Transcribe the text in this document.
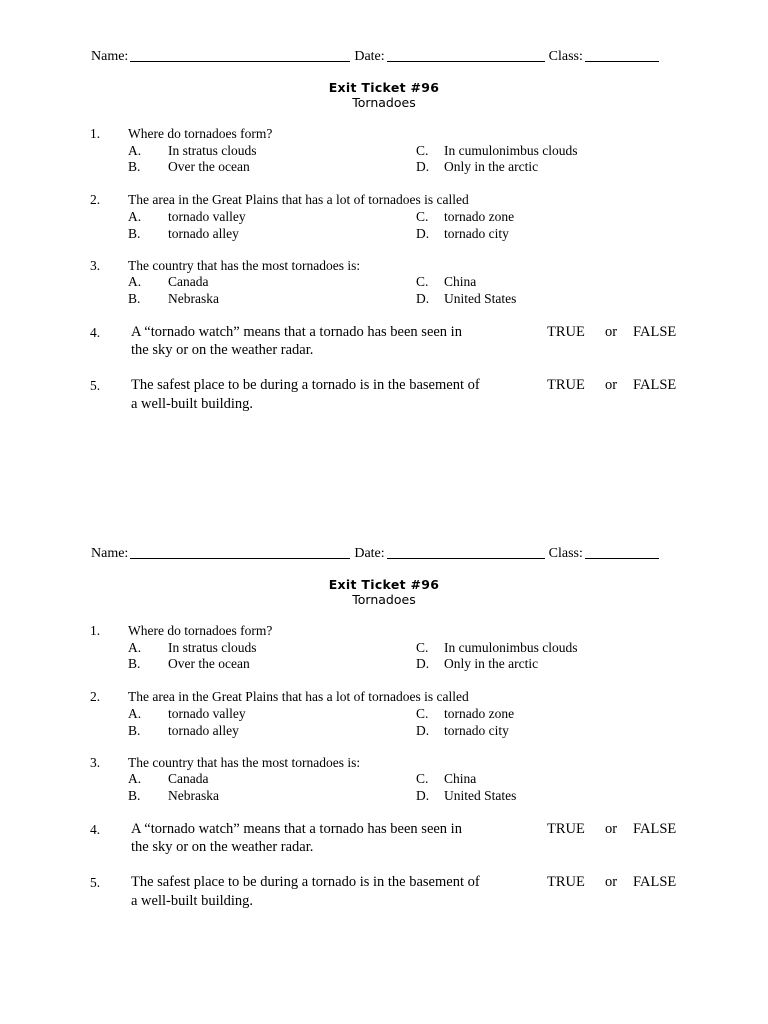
Name:	Date:	Class:
Exit Ticket #96
Tornadoes
1. Where do tornadoes form?
A. In stratus clouds
B. Over the ocean
C. In cumulonimbus clouds
D. Only in the arctic
2. The area in the Great Plains that has a lot of tornadoes is called
A. tornado valley
B. tornado alley
C. tornado zone
D. tornado city
3. The country that has the most tornadoes is:
A. Canada
B. Nebraska
C. China
D. United States
4. A “tornado watch” means that a tornado has been seen in
the sky or on the weather radar.
TRUE or FALSE
5. The safest place to be during a tornado is in the basement of
a well-built building.
TRUE or FALSE
Name:	Date:	Class:
Exit Ticket #96
Tornadoes
1. Where do tornadoes form?
A. In stratus clouds
B. Over the ocean
C. In cumulonimbus clouds
D. Only in the arctic
2. The area in the Great Plains that has a lot of tornadoes is called
A. tornado valley
B. tornado alley
C. tornado zone
D. tornado city
3. The country that has the most tornadoes is:
A. Canada
B. Nebraska
C. China
D. United States
4. A “tornado watch” means that a tornado has been seen in
the sky or on the weather radar.
TRUE or FALSE
5. The safest place to be during a tornado is in the basement of
a well-built building.
TRUE or FALSE
